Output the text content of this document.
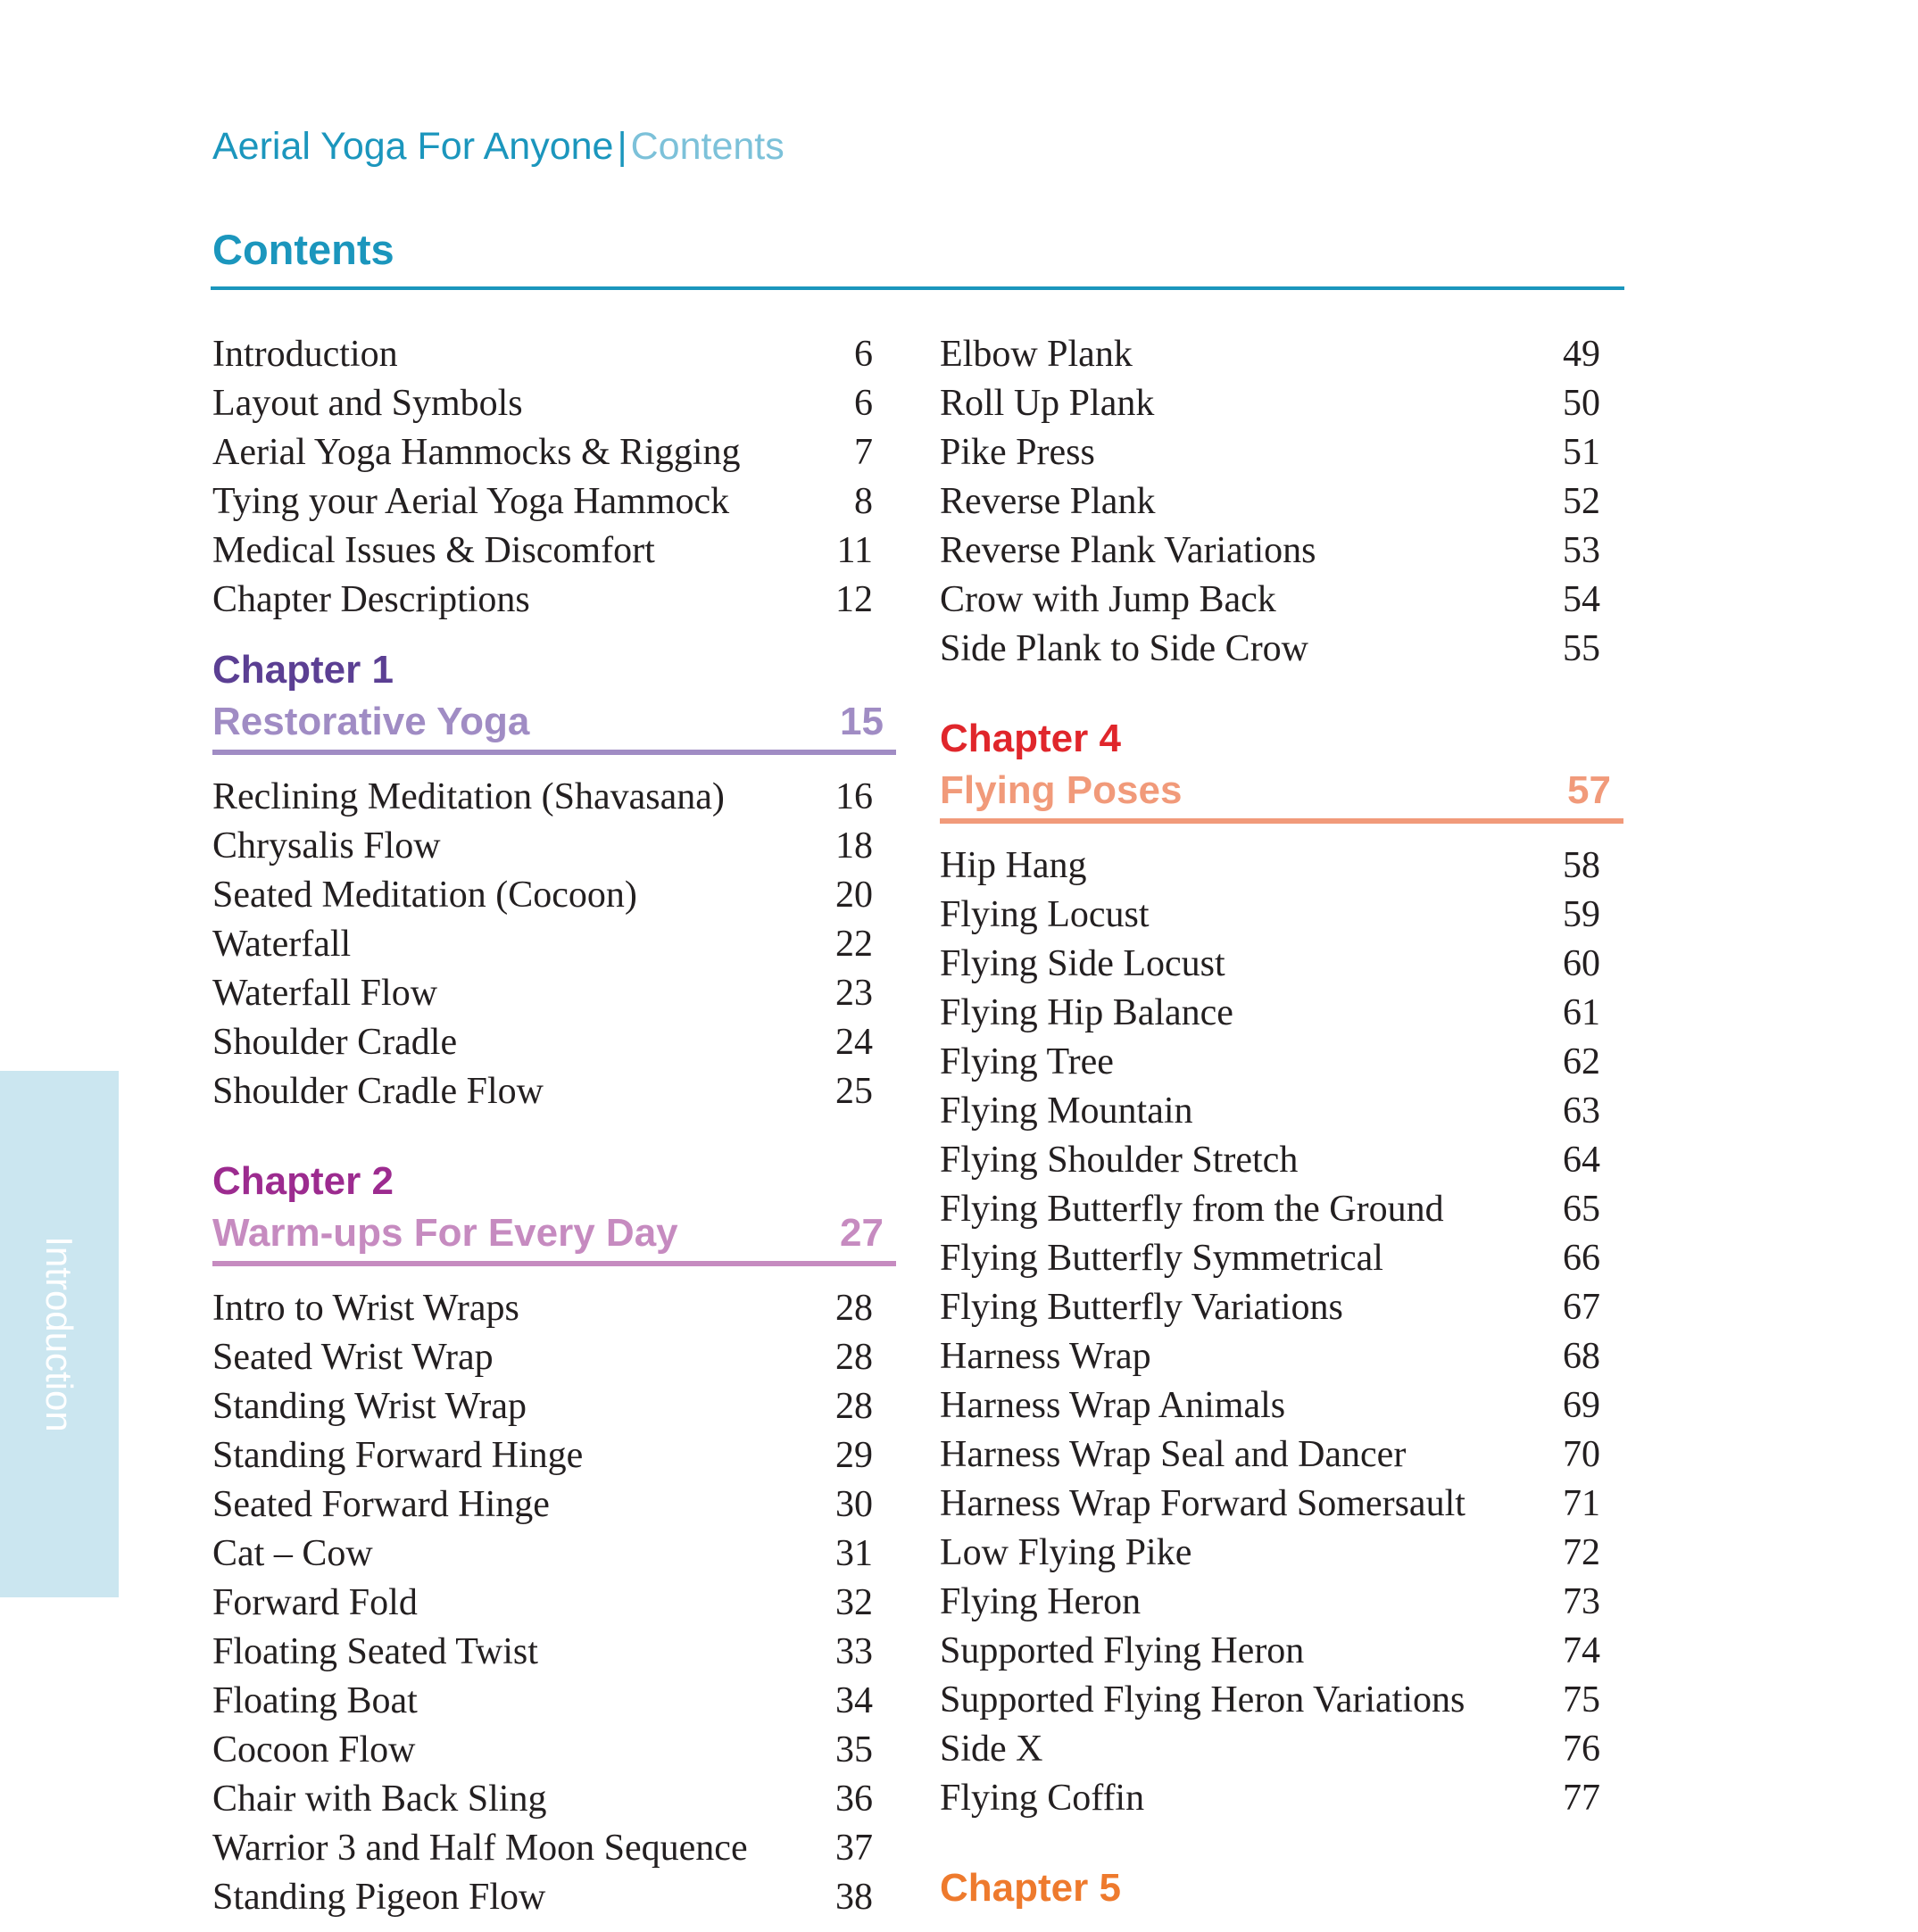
Aerial Yoga For Anyone|Contents
Contents
Introduction
Introduction	6
Layout and Symbols	6
Aerial Yoga Hammocks & Rigging	7
Tying your Aerial Yoga Hammock	8
Medical Issues & Discomfort	11
Chapter Descriptions	12
Chapter 1
Restorative Yoga	15
Reclining Meditation (Shavasana)	16
Chrysalis Flow	18
Seated Meditation (Cocoon)	20
Waterfall	22
Waterfall Flow	23
Shoulder Cradle	24
Shoulder Cradle Flow	25
Chapter 2
Warm-ups For Every Day	27
Intro to Wrist Wraps	28
Seated Wrist Wrap	28
Standing Wrist Wrap	28
Standing Forward Hinge	29
Seated Forward Hinge	30
Cat – Cow	31
Forward Fold	32
Floating Seated Twist	33
Floating Boat	34
Cocoon Flow	35
Chair with Back Sling	36
Warrior 3 and Half Moon Sequence 37
Standing Pigeon Flow	38
Elbow Plank	49
Roll Up Plank	50
Pike Press	51
Reverse Plank	52
Reverse Plank Variations	53
Crow with Jump Back	54
Side Plank to Side Crow	55
Chapter 4
Flying Poses	57
Hip Hang	58
Flying Locust	59
Flying Side Locust	60
Flying Hip Balance	61
Flying Tree	62
Flying Mountain	63
Flying Shoulder Stretch	64
Flying Butterfly from the Ground	65
Flying Butterfly Symmetrical	66
Flying Butterfly Variations	67
Harness Wrap	68
Harness Wrap Animals	69
Harness Wrap Seal and Dancer	70
Harness Wrap Forward Somersault	71
Low Flying Pike	72
Flying Heron	73
Supported Flying Heron	74
Supported Flying Heron Variations	75
Side X	76
Flying Coffin	77
Chapter 5
